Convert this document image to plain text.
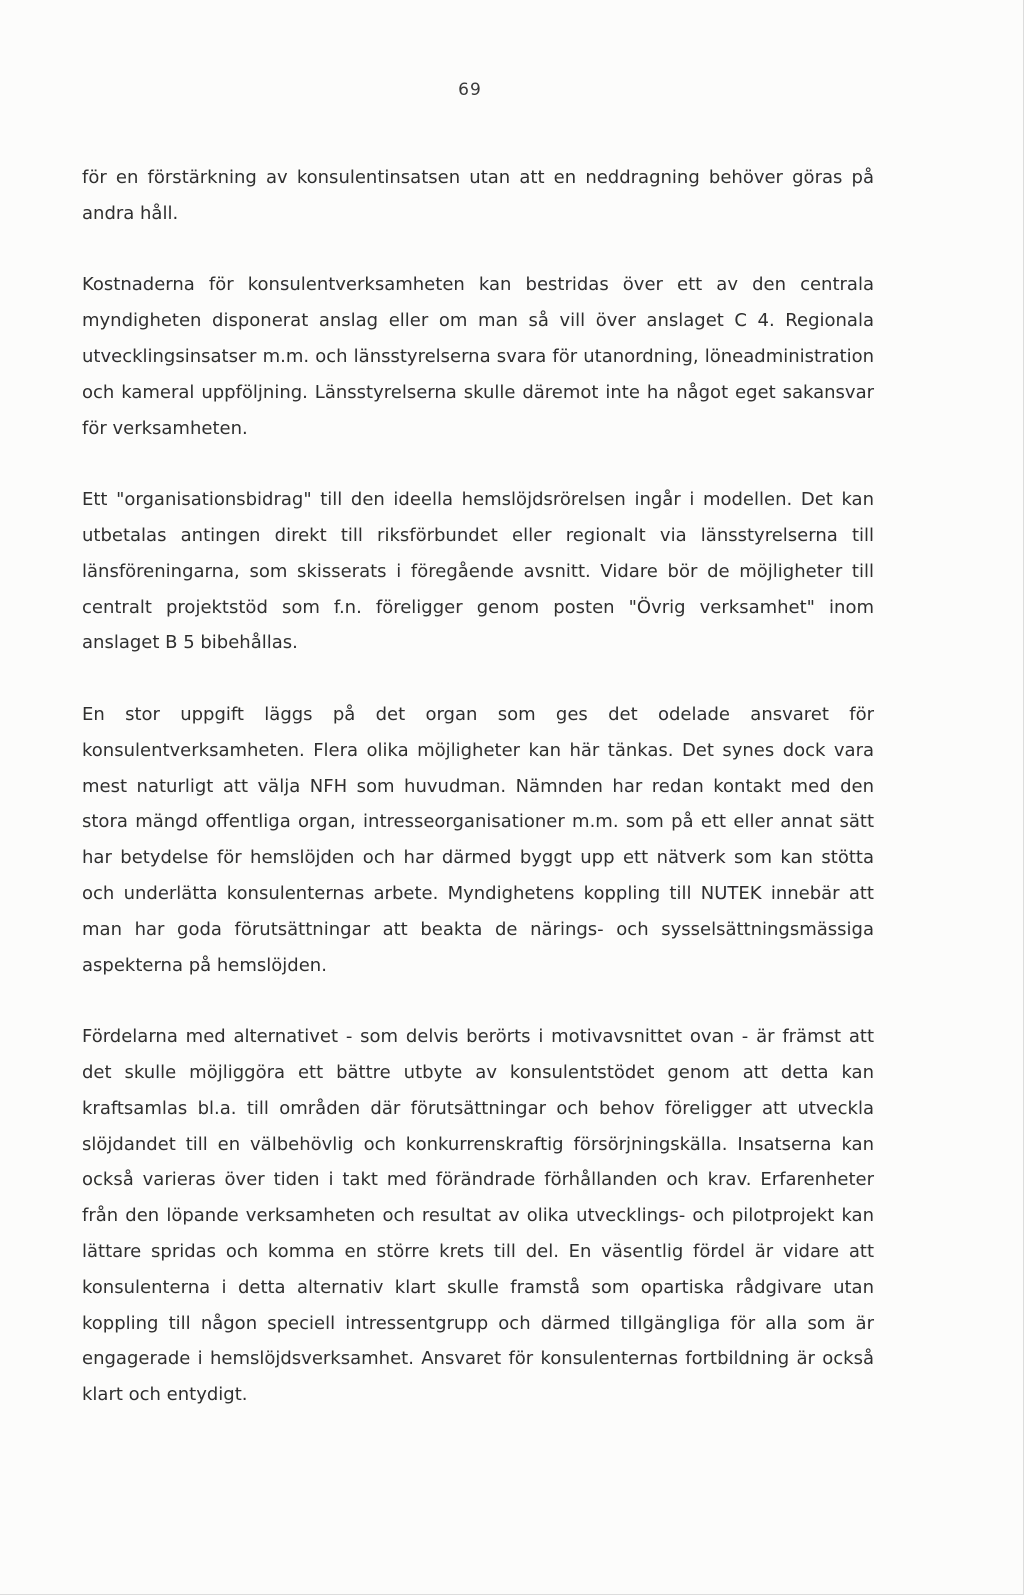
69

för en förstärkning av konsulentinsatsen utan att en neddragning behöver göras på andra håll.

Kostnaderna för konsulentverksamheten kan bestridas över ett av den centrala myndigheten disponerat anslag eller om man så vill över anslaget C 4. Regionala utvecklingsinsatser m.m. och länsstyrelserna svara för utanordning, löneadministration och kameral uppföljning. Länsstyrelserna skulle däremot inte ha något eget sakansvar för verksamheten.

Ett "organisationsbidrag" till den ideella hemslöjdsrörelsen ingår i modellen. Det kan utbetalas antingen direkt till riksförbundet eller regionalt via länsstyrelserna till länsföreningarna, som skisserats i föregående avsnitt. Vidare bör de möjligheter till centralt projektstöd som f.n. föreligger genom posten "Övrig verksamhet" inom anslaget B 5 bibehållas.

En stor uppgift läggs på det organ som ges det odelade ansvaret för konsulentverksamheten. Flera olika möjligheter kan här tänkas. Det synes dock vara mest naturligt att välja NFH som huvudman. Nämnden har redan kontakt med den stora mängd offentliga organ, intresseorganisationer m.m. som på ett eller annat sätt har betydelse för hemslöjden och har därmed byggt upp ett nätverk som kan stötta och underlätta konsulenternas arbete. Myndighetens koppling till NUTEK innebär att man har goda förutsättningar att beakta de närings- och sysselsättningsmässiga aspekterna på hemslöjden.

Fördelarna med alternativet - som delvis berörts i motivavsnittet ovan - är främst att det skulle möjliggöra ett bättre utbyte av konsulentstödet genom att detta kan kraftsamlas bl.a. till områden där förutsättningar och behov föreligger att utveckla slöjdandet till en välbehövlig och konkurrenskraftig försörjningskälla. Insatserna kan också varieras över tiden i takt med förändrade förhållanden och krav. Erfarenheter från den löpande verksamheten och resultat av olika utvecklings- och pilotprojekt kan lättare spridas och komma en större krets till del. En väsentlig fördel är vidare att konsulenterna i detta alternativ klart skulle framstå som opartiska rådgivare utan koppling till någon speciell intressentgrupp och därmed tillgängliga för alla som är engagerade i hemslöjdsverksamhet. Ansvaret för konsulenternas fortbildning är också klart och entydigt.
